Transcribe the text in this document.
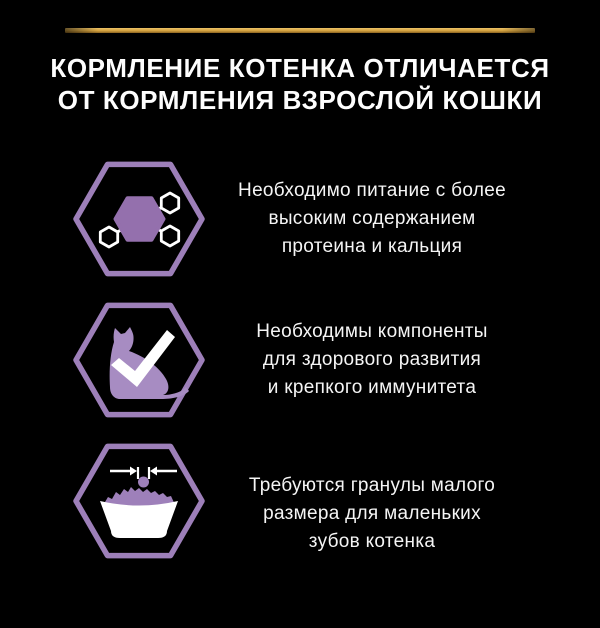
КОРМЛЕНИЕ КОТЕНКА ОТЛИЧАЕТСЯ
ОТ КОРМЛЕНИЯ ВЗРОСЛОЙ КОШКИ
Необходимо питание с более
высоким содержанием
протеина и кальция
Необходимы компоненты
для здорового развития
и крепкого иммунитета
Требуются гранулы малого
размера для маленьких
зубов котенка
